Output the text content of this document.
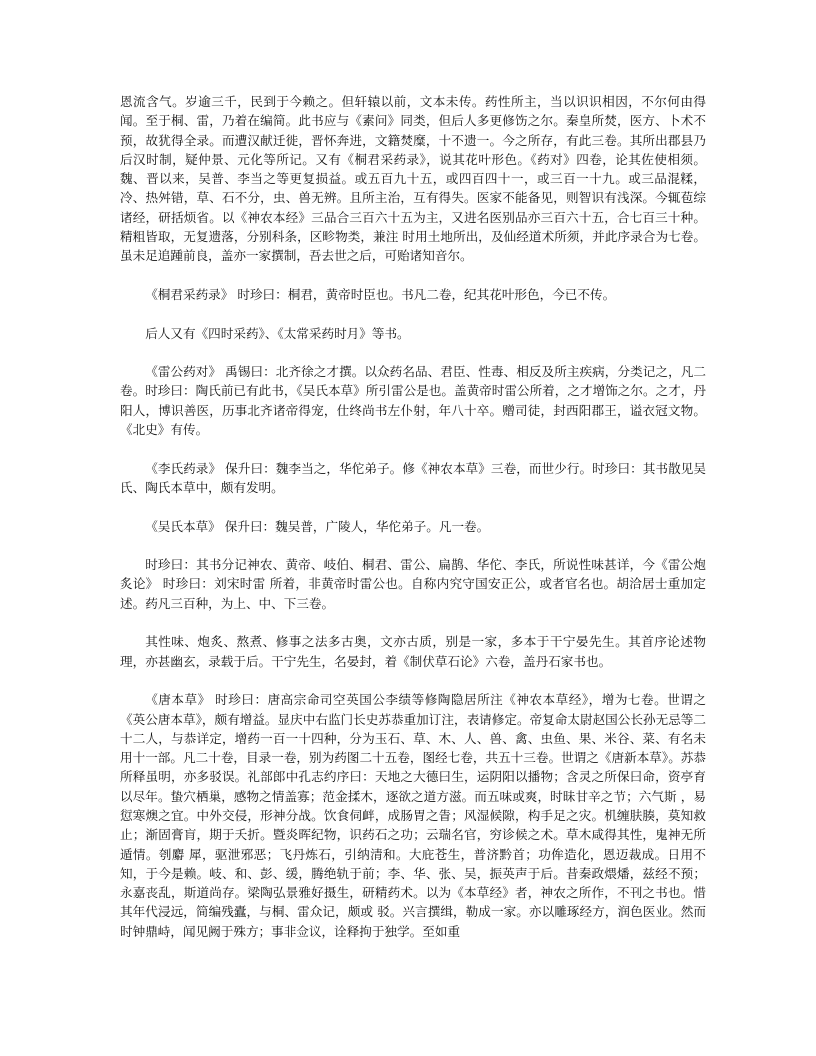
恩流含气。岁逾三千，民到于今赖之。但轩辕以前，文本未传。药性所主，当以识识相因，不尔何由得闻。至于桐、雷，乃着在编简。此书应与《素问》同类，但后人多更修饬之尔。秦皇所焚，医方、卜术不预，故犹得全录。而遭汉献迁徙，晋怀奔进，文籍焚糜，十不遗一。今之所存，有此三卷。其所出郡县乃后汉时制，疑仲景、元化等所记。又有《桐君采药录》，说其花叶形色。《药对》四卷，论其佐使相须。魏、晋以来，吴普、李当之等更复损益。或五百九十五，或四百四十一，或三百一十九。或三品混糅，冷、热舛错，草、石不分，虫、兽无辨。且所主治，互有得失。医家不能备见，则智识有浅深。今辄苞综诸经，研括烦省。以《神农本经》三品合三百六十五为主，又进名医别品亦三百六十五，合七百三十种。精粗皆取，无复遗落，分别科条，区畛物类，兼注 时用土地所出，及仙经道术所须，并此序录合为七卷。虽未足追踵前良，盖亦一家撰制，吾去世之后，可贻诸知音尔。

《桐君采药录》 时珍曰：桐君，黄帝时臣也。书凡二卷，纪其花叶形色，今已不传。

后人又有《四时采药》、《太常采药时月》等书。

《雷公药对》 禹锡曰：北齐徐之才撰。以众药名品、君臣、性毒、相反及所主疾病，分类记之，凡二卷。时珍曰：陶氏前已有此书，《吴氏本草》所引雷公是也。盖黄帝时雷公所着，之才增饰之尔。之才，丹阳人，博识善医，历事北齐诸帝得宠，仕终尚书左仆射，年八十卒。赠司徒，封西阳郡王，谥衣冠文物。《北史》有传。

《李氏药录》 保升曰：魏李当之，华佗弟子。修《神农本草》三卷，而世少行。时珍曰：其书散见吴氏、陶氏本草中，颇有发明。

《吴氏本草》 保升曰：魏吴普，广陵人，华佗弟子。凡一卷。

时珍曰：其书分记神农、黄帝、岐伯、桐君、雷公、扁鹊、华佗、李氏，所说性味甚详，今《雷公炮炙论》 时珍曰：刘宋时雷 所着，非黄帝时雷公也。自称内究守国安正公，或者官名也。胡洽居士重加定述。药凡三百种，为上、中、下三卷。

其性味、炮炙、熬煮、修事之法多古奥，文亦古质，别是一家，多本于干宁晏先生。其首序论述物理，亦甚幽玄，录载于后。干宁先生，名晏封，着《制伏草石论》六卷，盖丹石家书也。

《唐本草》 时珍曰：唐高宗命司空英国公李绩等修陶隐居所注《神农本草经》，增为七卷。世谓之《英公唐本草》，颇有增益。显庆中右监门长史苏恭重加订注，表请修定。帝复命太尉赵国公长孙无忌等二十二人，与恭详定，增药一百一十四种，分为玉石、草、木、人、兽、禽、虫鱼、果、米谷、菜、有名未用十一部。凡二十卷，目录一卷，别为药图二十五卷，图经七卷，共五十三卷。世谓之《唐新本草》。苏恭所释虽明，亦多驳误。礼部郎中孔志约序曰：天地之大德曰生，运阴阳以播物；含灵之所保曰命，资亭育以尽年。蛰穴栖巢，感物之情盖寡；范金揉木，逐欲之道方滋。而五味或爽，时昧甘辛之节；六气斯 ，易愆寒燠之宜。中外交侵，形神分战。饮食伺衅，成肠胃之眚；风湿候隙，构手足之灾。机缠肤腠，莫知救止；渐固膏肓，期于夭折。暨炎晖纪物，识药石之功；云瑞名官，穷诊候之术。草木咸得其性，鬼神无所遁情。刳麝 犀，驱泄邪恶；飞丹炼石，引纳清和。大庇苍生，普济黔首；功侔造化，恩迈裁成。日用不知，于今是赖。岐、和、彭、缓，腾绝轨于前；李、华、张、吴，振英声于后。昔秦政煨燔，兹经不预；永嘉丧乱，斯道尚存。梁陶弘景雅好摄生，研精药术。以为《本草经》者，神农之所作，不刊之书也。惜其年代浸远，简编残蠹，与桐、雷众记，颇或 驳。兴言撰缉，勒成一家。亦以雕琢经方，润色医业。然而时钟鼎峙，闻见阙于殊方；事非佥议，诠释拘于独学。至如重
